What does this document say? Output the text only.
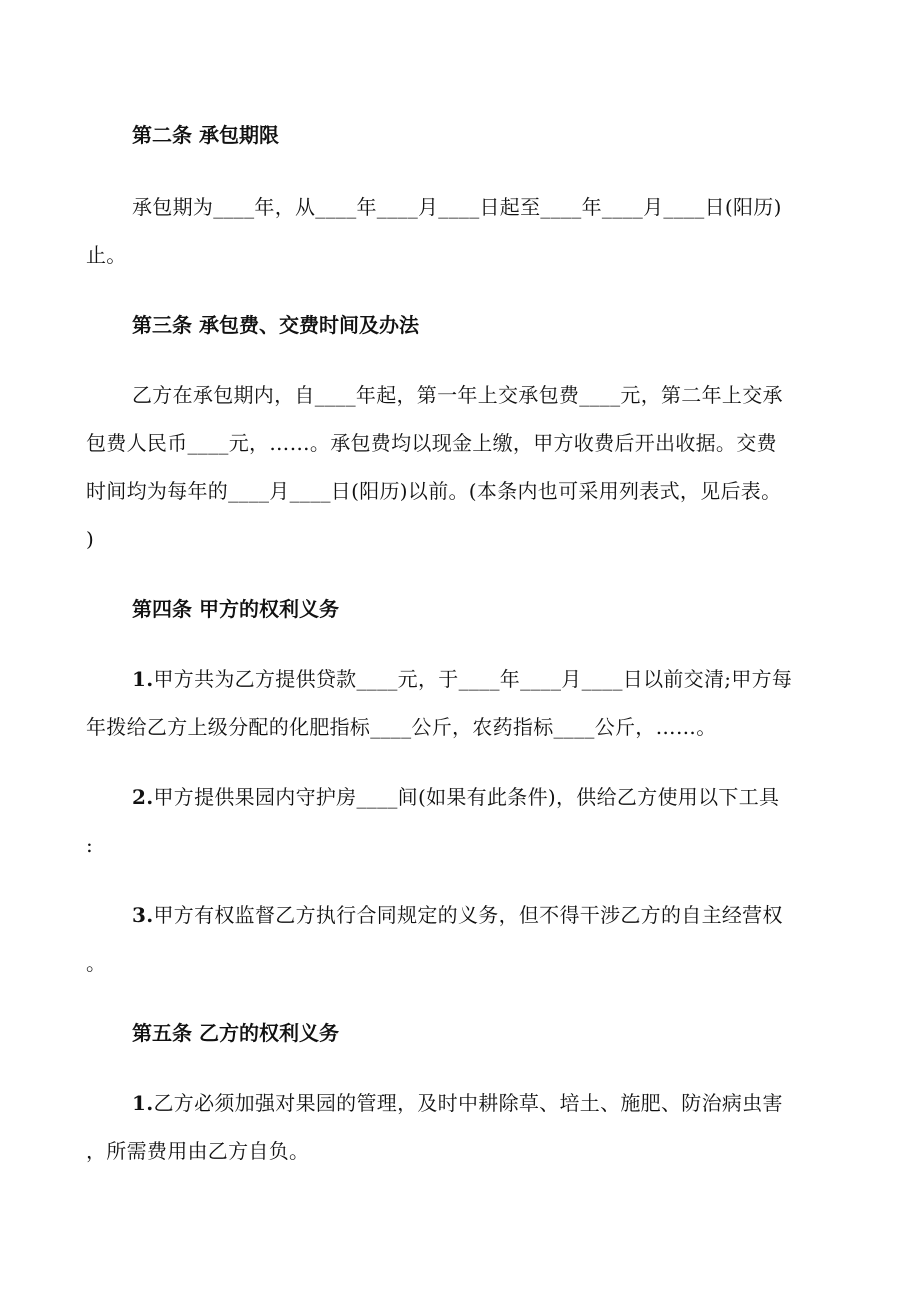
第二条 承包期限

承包期为____年，从____年____月____日起至____年____月____日(阳历)

止。

第三条 承包费、交费时间及办法

乙方在承包期内，自____年起，第一年上交承包费____元，第二年上交承

包费人民币____元，……。承包费均以现金上缴，甲方收费后开出收据。交费

时间均为每年的____月____日(阳历)以前。(本条内也可采用列表式，见后表。

)

第四条 甲方的权利义务

1.甲方共为乙方提供贷款____元，于____年____月____日以前交清;甲方每

年拨给乙方上级分配的化肥指标____公斤，农药指标____公斤，……。

2.甲方提供果园内守护房____间(如果有此条件)，供给乙方使用以下工具

:

3.甲方有权监督乙方执行合同规定的义务，但不得干涉乙方的自主经营权

。

第五条 乙方的权利义务

1.乙方必须加强对果园的管理，及时中耕除草、培土、施肥、防治病虫害

，所需费用由乙方自负。
